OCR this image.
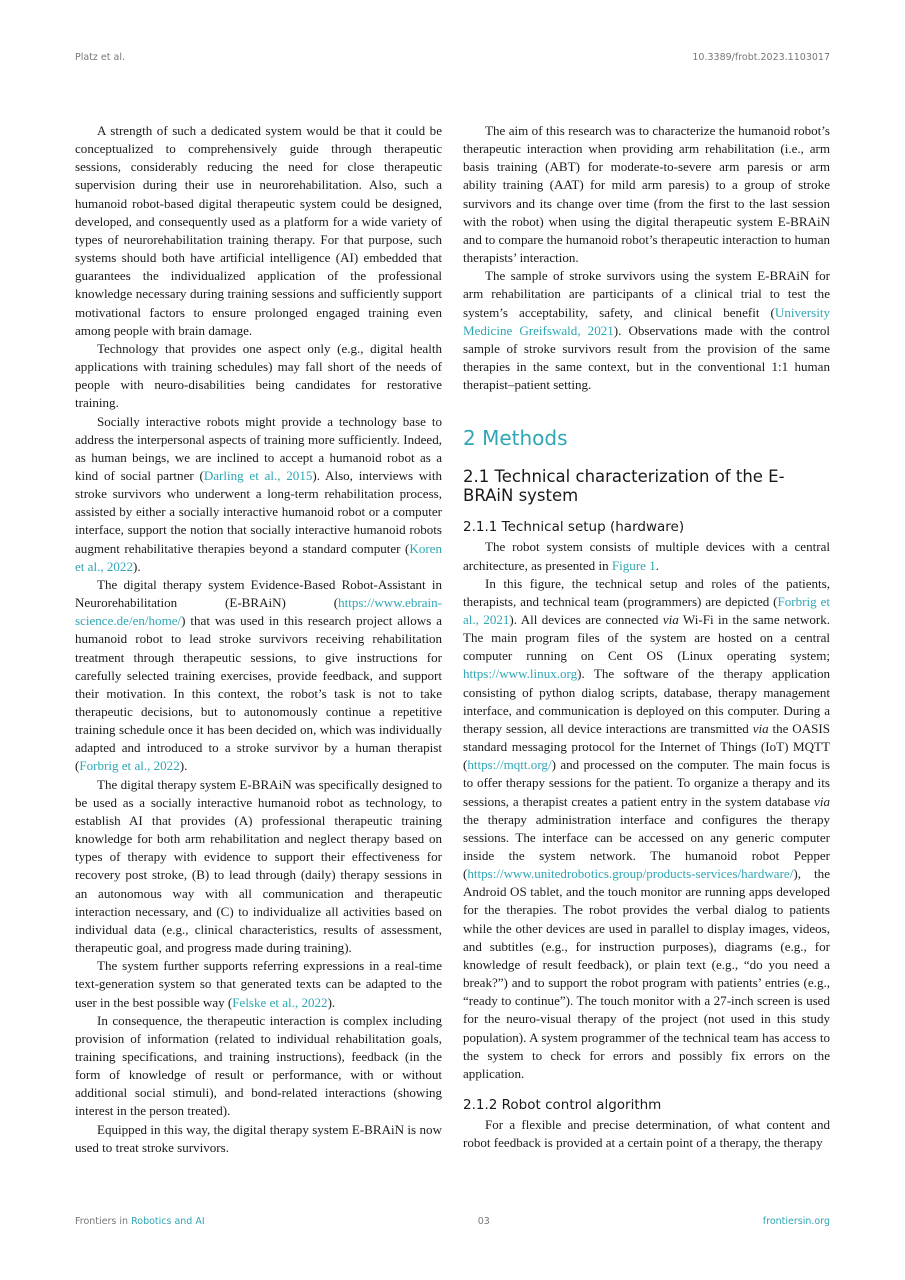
Platz et al.	10.3389/frobt.2023.1103017

A strength of such a dedicated system would be that it could be conceptualized to comprehensively guide through therapeutic sessions, considerably reducing the need for close therapeutic supervision during their use in neurorehabilitation. Also, such a humanoid robot-based digital therapeutic system could be designed, developed, and consequently used as a platform for a wide variety of types of neurorehabilitation training therapy. For that purpose, such systems should both have artificial intelligence (AI) embedded that guarantees the individualized application of the professional knowledge necessary during training sessions and sufficiently support motivational factors to ensure prolonged engaged training even among people with brain damage.

Technology that provides one aspect only (e.g., digital health applications with training schedules) may fall short of the needs of people with neuro-disabilities being candidates for restorative training.

Socially interactive robots might provide a technology base to address the interpersonal aspects of training more sufficiently. Indeed, as human beings, we are inclined to accept a humanoid robot as a kind of social partner (Darling et al., 2015). Also, interviews with stroke survivors who underwent a long-term rehabilitation process, assisted by either a socially interactive humanoid robot or a computer interface, support the notion that socially interactive humanoid robots augment rehabilitative therapies beyond a standard computer (Koren et al., 2022).

The digital therapy system Evidence-Based Robot-Assistant in Neurorehabilitation (E-BRAiN) (https://www.ebrain-science.de/en/home/) that was used in this research project allows a humanoid robot to lead stroke survivors receiving rehabilitation treatment through therapeutic sessions, to give instructions for carefully selected training exercises, provide feedback, and support their motivation. In this context, the robot’s task is not to take therapeutic decisions, but to autonomously continue a repetitive training schedule once it has been decided on, which was individually adapted and introduced to a stroke survivor by a human therapist (Forbrig et al., 2022).

The digital therapy system E-BRAiN was specifically designed to be used as a socially interactive humanoid robot as technology, to establish AI that provides (A) professional therapeutic training knowledge for both arm rehabilitation and neglect therapy based on types of therapy with evidence to support their effectiveness for recovery post stroke, (B) to lead through (daily) therapy sessions in an autonomous way with all communication and therapeutic interaction necessary, and (C) to individualize all activities based on individual data (e.g., clinical characteristics, results of assessment, therapeutic goal, and progress made during training).

The system further supports referring expressions in a real-time text-generation system so that generated texts can be adapted to the user in the best possible way (Felske et al., 2022).

In consequence, the therapeutic interaction is complex including provision of information (related to individual rehabilitation goals, training specifications, and training instructions), feedback (in the form of knowledge of result or performance, with or without additional social stimuli), and bond-related interactions (showing interest in the person treated).

Equipped in this way, the digital therapy system E-BRAiN is now used to treat stroke survivors.

The aim of this research was to characterize the humanoid robot’s therapeutic interaction when providing arm rehabilitation (i.e., arm basis training (ABT) for moderate-to-severe arm paresis or arm ability training (AAT) for mild arm paresis) to a group of stroke survivors and its change over time (from the first to the last session with the robot) when using the digital therapeutic system E-BRAiN and to compare the humanoid robot’s therapeutic interaction to human therapists’ interaction.

The sample of stroke survivors using the system E-BRAiN for arm rehabilitation are participants of a clinical trial to test the system’s acceptability, safety, and clinical benefit (University Medicine Greifswald, 2021). Observations made with the control sample of stroke survivors result from the provision of the same therapies in the same context, but in the conventional 1:1 human therapist–patient setting.

2 Methods
2.1 Technical characterization of the E-BRAiN system
2.1.1 Technical setup (hardware)

The robot system consists of multiple devices with a central architecture, as presented in Figure 1.

In this figure, the technical setup and roles of the patients, therapists, and technical team (programmers) are depicted (Forbrig et al., 2021). All devices are connected via Wi-Fi in the same network. The main program files of the system are hosted on a central computer running on Cent OS (Linux operating system; https://www.linux.org). The software of the therapy application consisting of python dialog scripts, database, therapy management interface, and communication is deployed on this computer. During a therapy session, all device interactions are transmitted via the OASIS standard messaging protocol for the Internet of Things (IoT) MQTT (https://mqtt.org/) and processed on the computer. The main focus is to offer therapy sessions for the patient. To organize a therapy and its sessions, a therapist creates a patient entry in the system database via the therapy administration interface and configures the therapy sessions. The interface can be accessed on any generic computer inside the system network. The humanoid robot Pepper (https://www.unitedrobotics.group/products-services/hardware/), the Android OS tablet, and the touch monitor are running apps developed for the therapies. The robot provides the verbal dialog to patients while the other devices are used in parallel to display images, videos, and subtitles (e.g., for instruction purposes), diagrams (e.g., for knowledge of result feedback), or plain text (e.g., “do you need a break?”) and to support the robot program with patients’ entries (e.g., “ready to continue”). The touch monitor with a 27-inch screen is used for the neuro-visual therapy of the project (not used in this study population). A system programmer of the technical team has access to the system to check for errors and possibly fix errors on the application.

2.1.2 Robot control algorithm

For a flexible and precise determination, of what content and robot feedback is provided at a certain point of a therapy, the therapy

Frontiers in Robotics and AI	03	frontiersin.org
